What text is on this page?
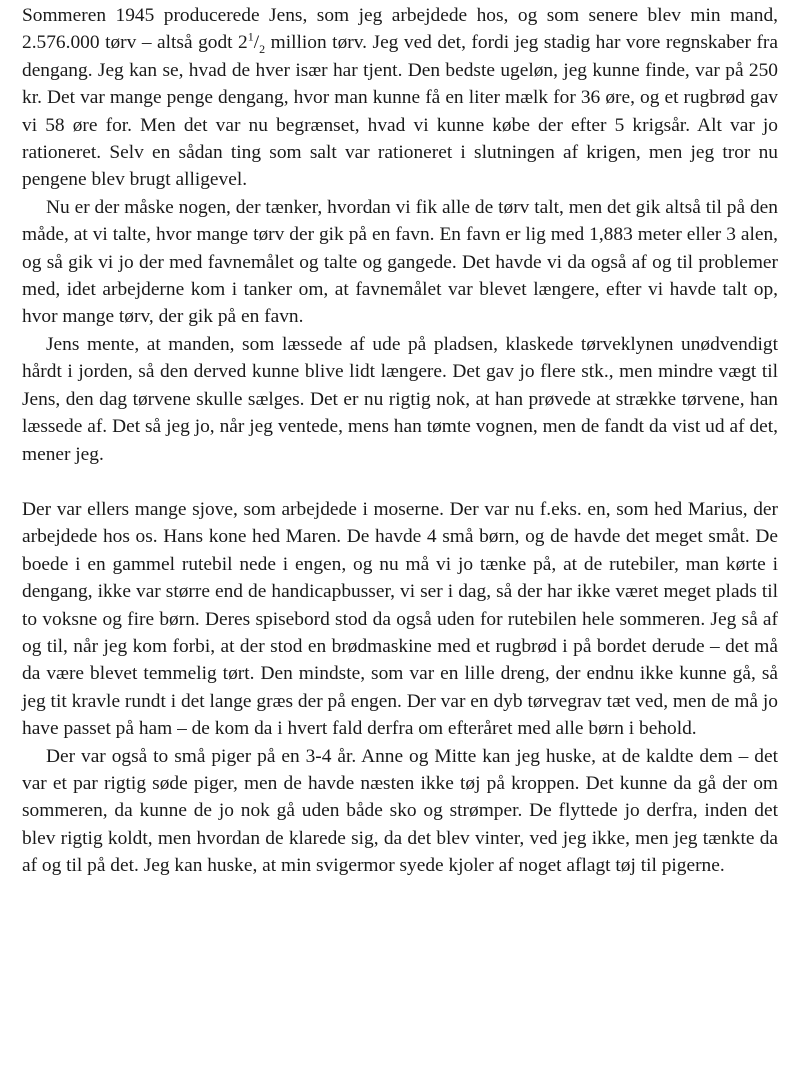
Sommeren 1945 producerede Jens, som jeg arbejdede hos, og som senere blev min mand, 2.576.000 tørv – altså godt $2^1/_2$ million tørv. Jeg ved det, fordi jeg stadig har vore regnskaber fra dengang. Jeg kan se, hvad de hver især har tjent. Den bedste ugeløn, jeg kunne finde, var på 250 kr. Det var mange penge dengang, hvor man kunne få en liter mælk for 36 øre, og et rugbrød gav vi 58 øre for. Men det var nu begrænset, hvad vi kunne købe der efter 5 krigsår. Alt var jo rationeret. Selv en sådan ting som salt var rationeret i slutningen af krigen, men jeg tror nu pengene blev brugt alligevel.

Nu er der måske nogen, der tænker, hvordan vi fik alle de tørv talt, men det gik altså til på den måde, at vi talte, hvor mange tørv der gik på en favn. En favn er lig med 1,883 meter eller 3 alen, og så gik vi jo der med favnemålet og talte og gangede. Det havde vi da også af og til problemer med, idet arbejderne kom i tanker om, at favnemålet var blevet længere, efter vi havde talt op, hvor mange tørv, der gik på en favn.

Jens mente, at manden, som læssede af ude på pladsen, klaskede tørveklynen unødvendigt hårdt i jorden, så den derved kunne blive lidt længere. Det gav jo flere stk., men mindre vægt til Jens, den dag tørvene skulle sælges. Det er nu rigtig nok, at han prøvede at strække tørvene, han læssede af. Det så jeg jo, når jeg ventede, mens han tømte vognen, men de fandt da vist ud af det, mener jeg.

Der var ellers mange sjove, som arbejdede i moserne. Der var nu f.eks. en, som hed Marius, der arbejdede hos os. Hans kone hed Maren. De havde 4 små børn, og de havde det meget småt. De boede i en gammel rutebil nede i engen, og nu må vi jo tænke på, at de rutebiler, man kørte i dengang, ikke var større end de handicapbusser, vi ser i dag, så der har ikke været meget plads til to voksne og fire børn. Deres spisebord stod da også uden for rutebilen hele sommeren. Jeg så af og til, når jeg kom forbi, at der stod en brødmaskine med et rugbrød i på bordet derude – det må da være blevet temmelig tørt. Den mindste, som var en lille dreng, der endnu ikke kunne gå, så jeg tit kravle rundt i det lange græs der på engen. Der var en dyb tørvegrav tæt ved, men de må jo have passet på ham – de kom da i hvert fald derfra om efteråret med alle børn i behold.

Der var også to små piger på en 3-4 år. Anne og Mitte kan jeg huske, at de kaldte dem – det var et par rigtig søde piger, men de havde næsten ikke tøj på kroppen. Det kunne da gå der om sommeren, da kunne de jo nok gå uden både sko og strømper. De flyttede jo derfra, inden det blev rigtig koldt, men hvordan de klarede sig, da det blev vinter, ved jeg ikke, men jeg tænkte da af og til på det. Jeg kan huske, at min svigermor syede kjoler af noget aflagt tøj til pigerne.
